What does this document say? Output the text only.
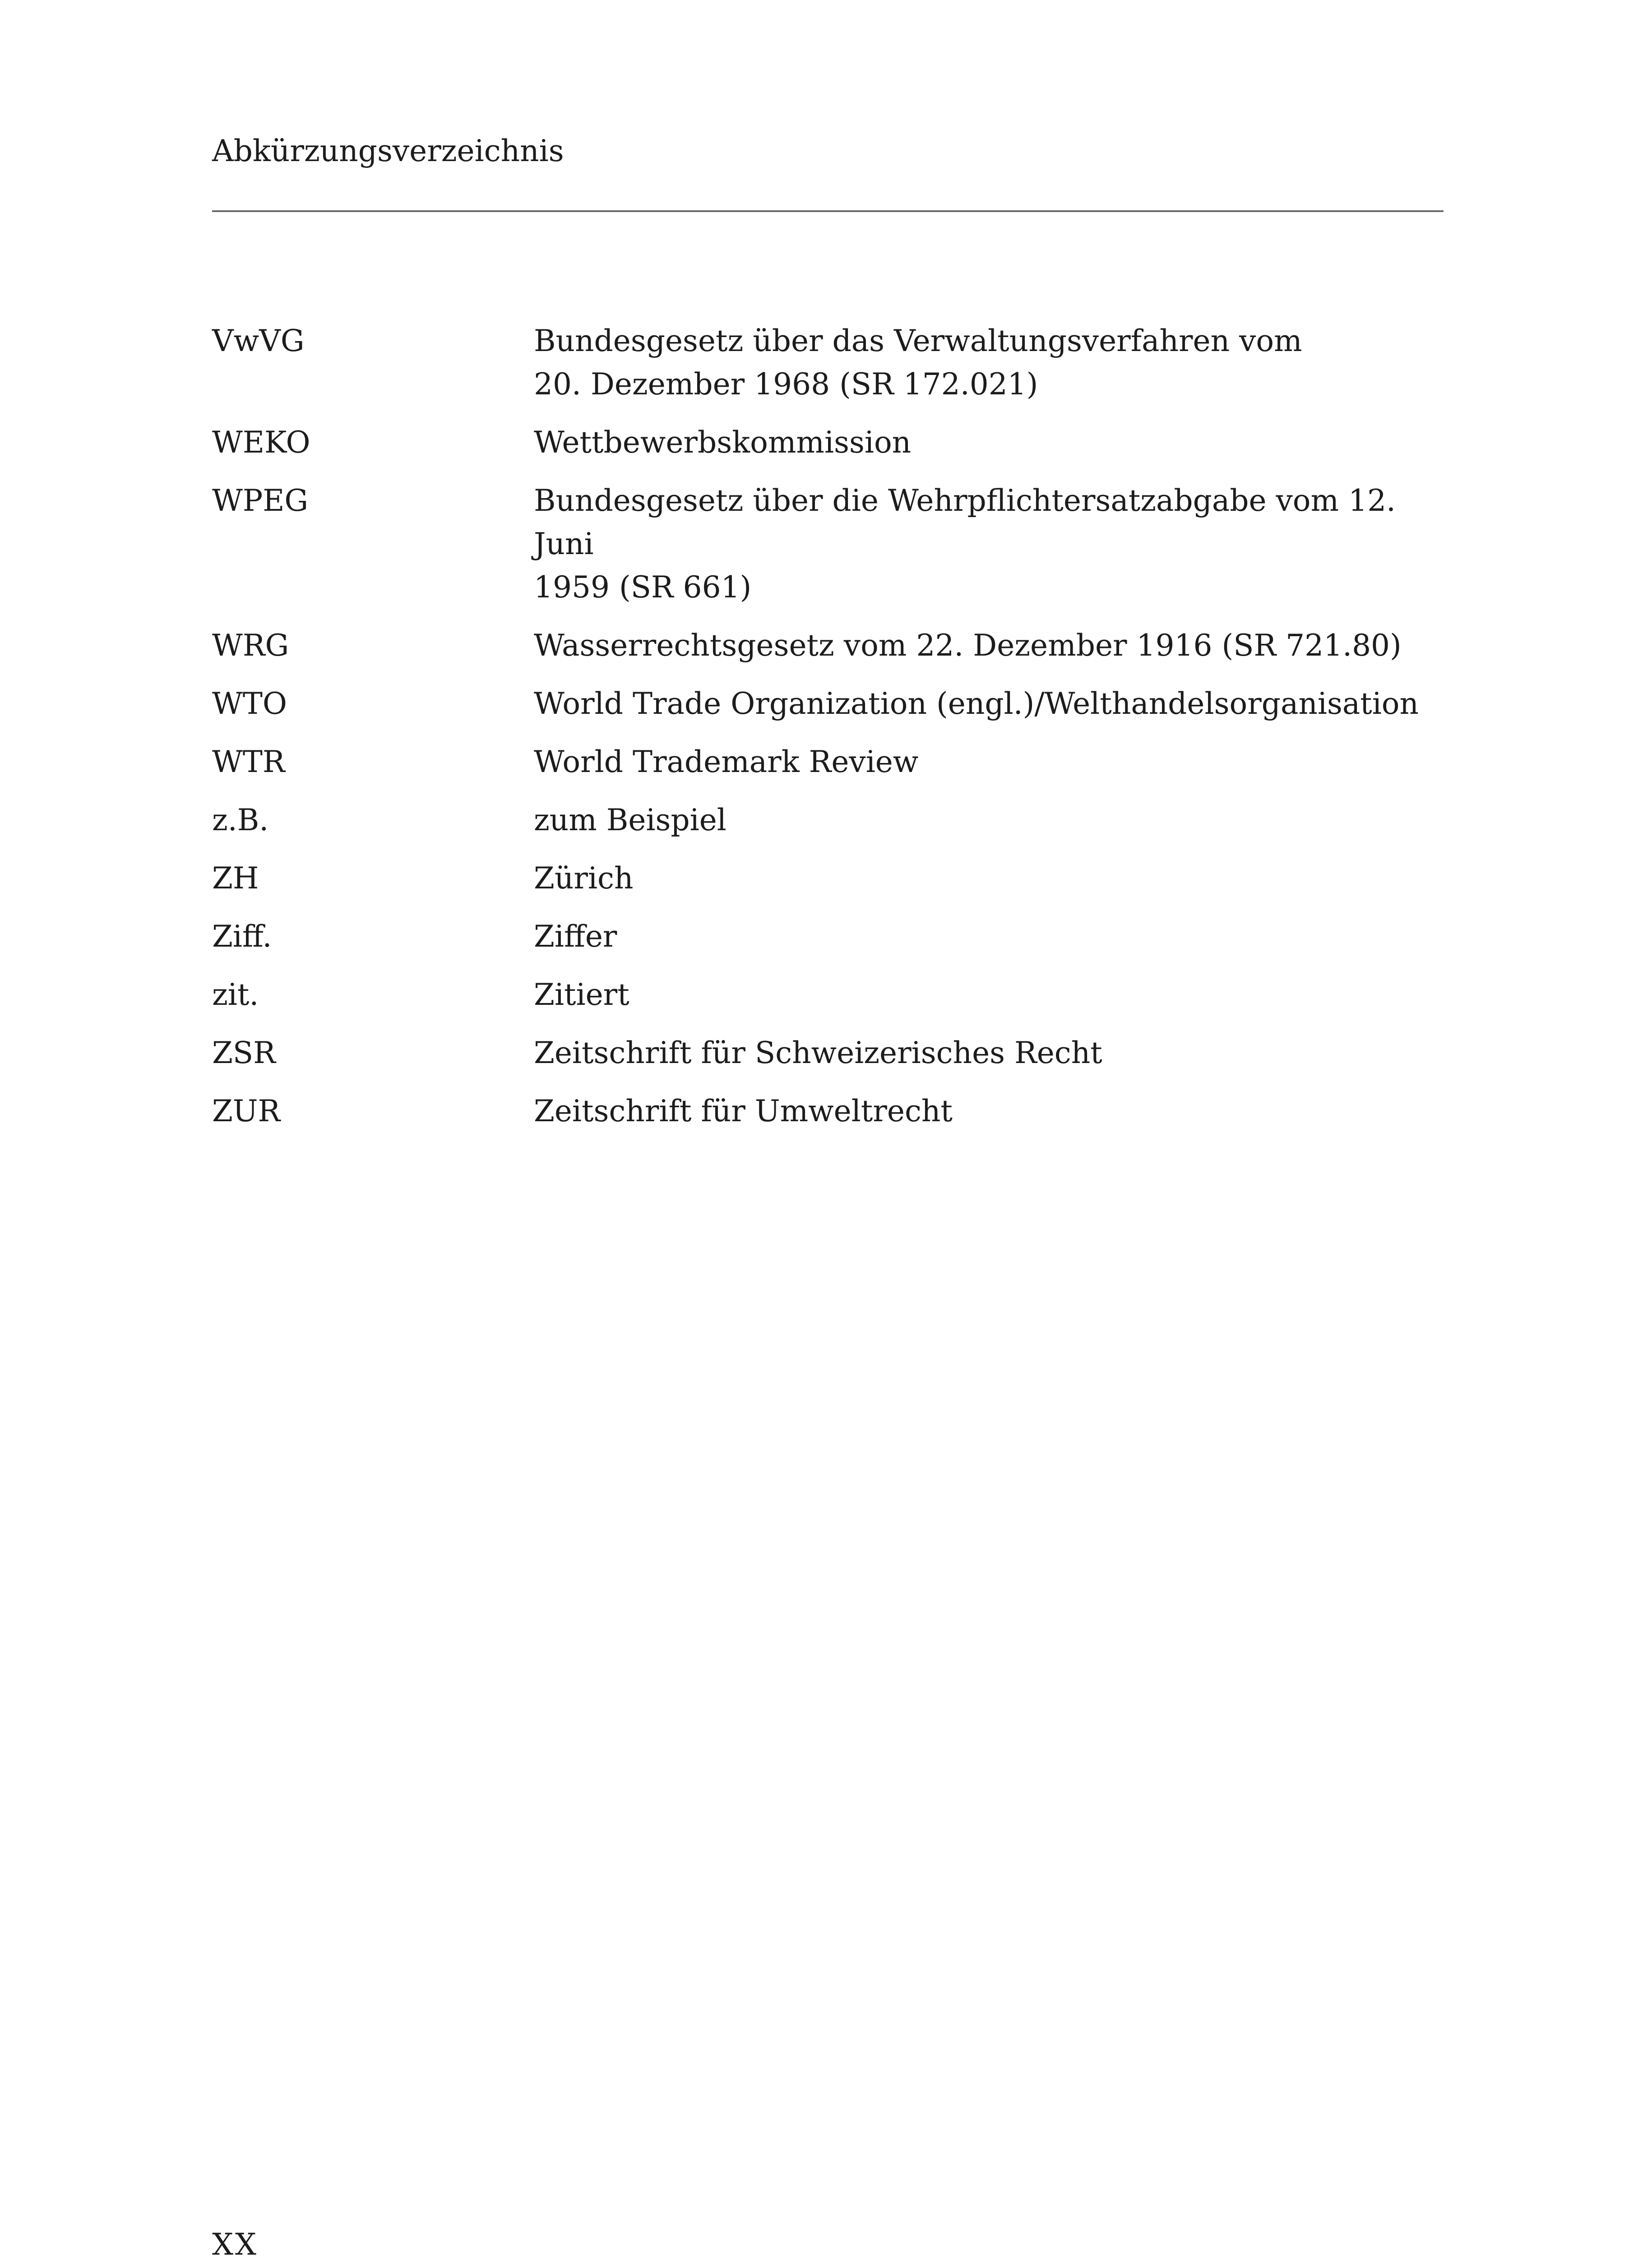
Abkürzungsverzeichnis
VwVG	Bundesgesetz über das Verwaltungsverfahren vom
20. Dezember 1968 (SR 172.021)
WEKO	Wettbewerbskommission
WPEG	Bundesgesetz über die Wehrpflichtersatzabgabe vom 12. Juni
1959 (SR 661)
WRG	Wasserrechtsgesetz vom 22. Dezember 1916 (SR 721.80)
WTO	World Trade Organization (engl.)/Welthandelsorganisation
WTR	World Trademark Review
z.B.	zum Beispiel
ZH	Zürich
Ziff.	Ziffer
zit.	Zitiert
ZSR	Zeitschrift für Schweizerisches Recht
ZUR	Zeitschrift für Umweltrecht
XX
